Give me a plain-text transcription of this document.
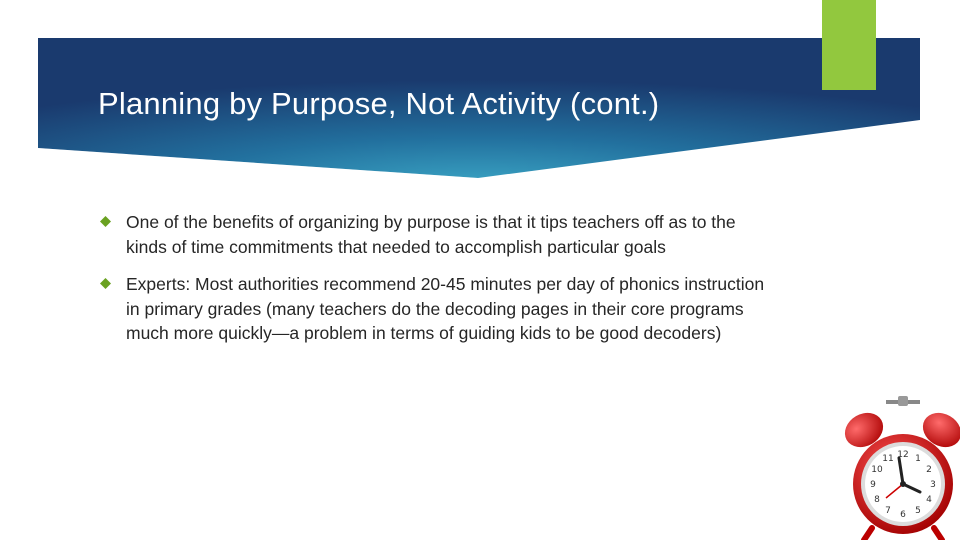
Planning by Purpose, Not Activity (cont.)
One of the benefits of organizing by purpose is that it tips teachers off as to the kinds of time commitments that needed to accomplish particular goals
Experts: Most authorities recommend 20-45 minutes per day of phonics instruction in primary grades (many teachers do the decoding pages in their core programs much more quickly—a problem in terms of guiding kids to be good decoders)
12 1
2
3
4
5
6
7
8
9
10
11
